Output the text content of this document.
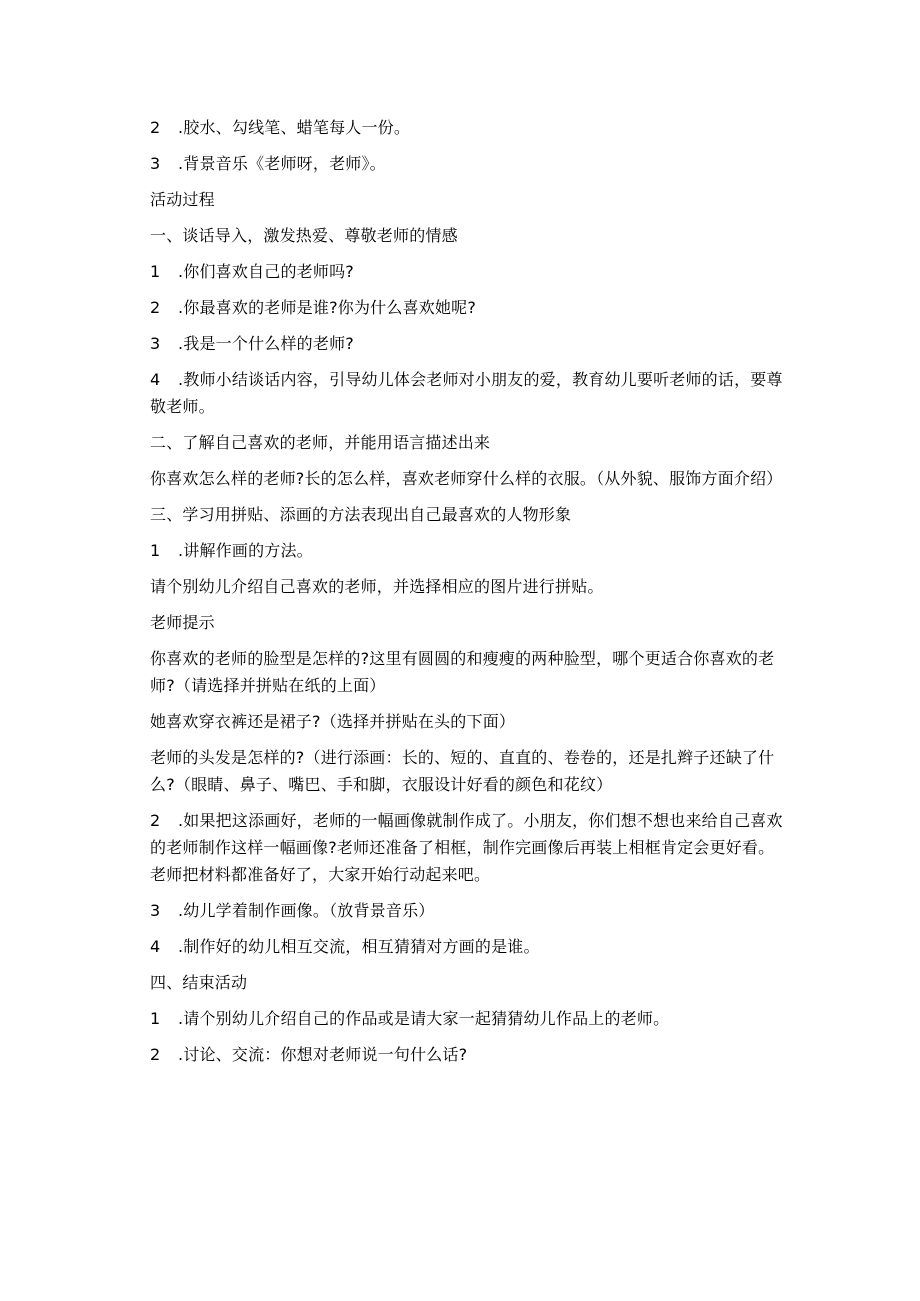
2 .胶水、勾线笔、蜡笔每人一份。

3 .背景音乐《老师呀，老师》。

活动过程

一、谈话导入，激发热爱、尊敬老师的情感

1 .你们喜欢自己的老师吗?

2 .你最喜欢的老师是谁?你为什么喜欢她呢?

3 .我是一个什么样的老师?

4 .教师小结谈话内容，引导幼儿体会老师对小朋友的爱，教育幼儿要听老师的话，要尊敬老师。

二、了解自己喜欢的老师，并能用语言描述出来

你喜欢怎么样的老师?长的怎么样，喜欢老师穿什么样的衣服。（从外貌、服饰方面介绍）

三、学习用拼贴、添画的方法表现出自己最喜欢的人物形象

1 .讲解作画的方法。

请个别幼儿介绍自己喜欢的老师，并选择相应的图片进行拼贴。

老师提示

你喜欢的老师的脸型是怎样的?这里有圆圆的和瘦瘦的两种脸型，哪个更适合你喜欢的老师?（请选择并拼贴在纸的上面）

她喜欢穿衣裤还是裙子?（选择并拼贴在头的下面）

老师的头发是怎样的?（进行添画：长的、短的、直直的、卷卷的，还是扎辫子还缺了什么?（眼睛、鼻子、嘴巴、手和脚，衣服设计好看的颜色和花纹）

2 .如果把这添画好，老师的一幅画像就制作成了。小朋友，你们想不想也来给自己喜欢的老师制作这样一幅画像?老师还准备了相框，制作完画像后再装上相框肯定会更好看。老师把材料都准备好了，大家开始行动起来吧。

3 .幼儿学着制作画像。（放背景音乐）

4 .制作好的幼儿相互交流，相互猜猜对方画的是谁。

四、结束活动

1 .请个别幼儿介绍自己的作品或是请大家一起猜猜幼儿作品上的老师。

2 .讨论、交流：你想对老师说一句什么话?
